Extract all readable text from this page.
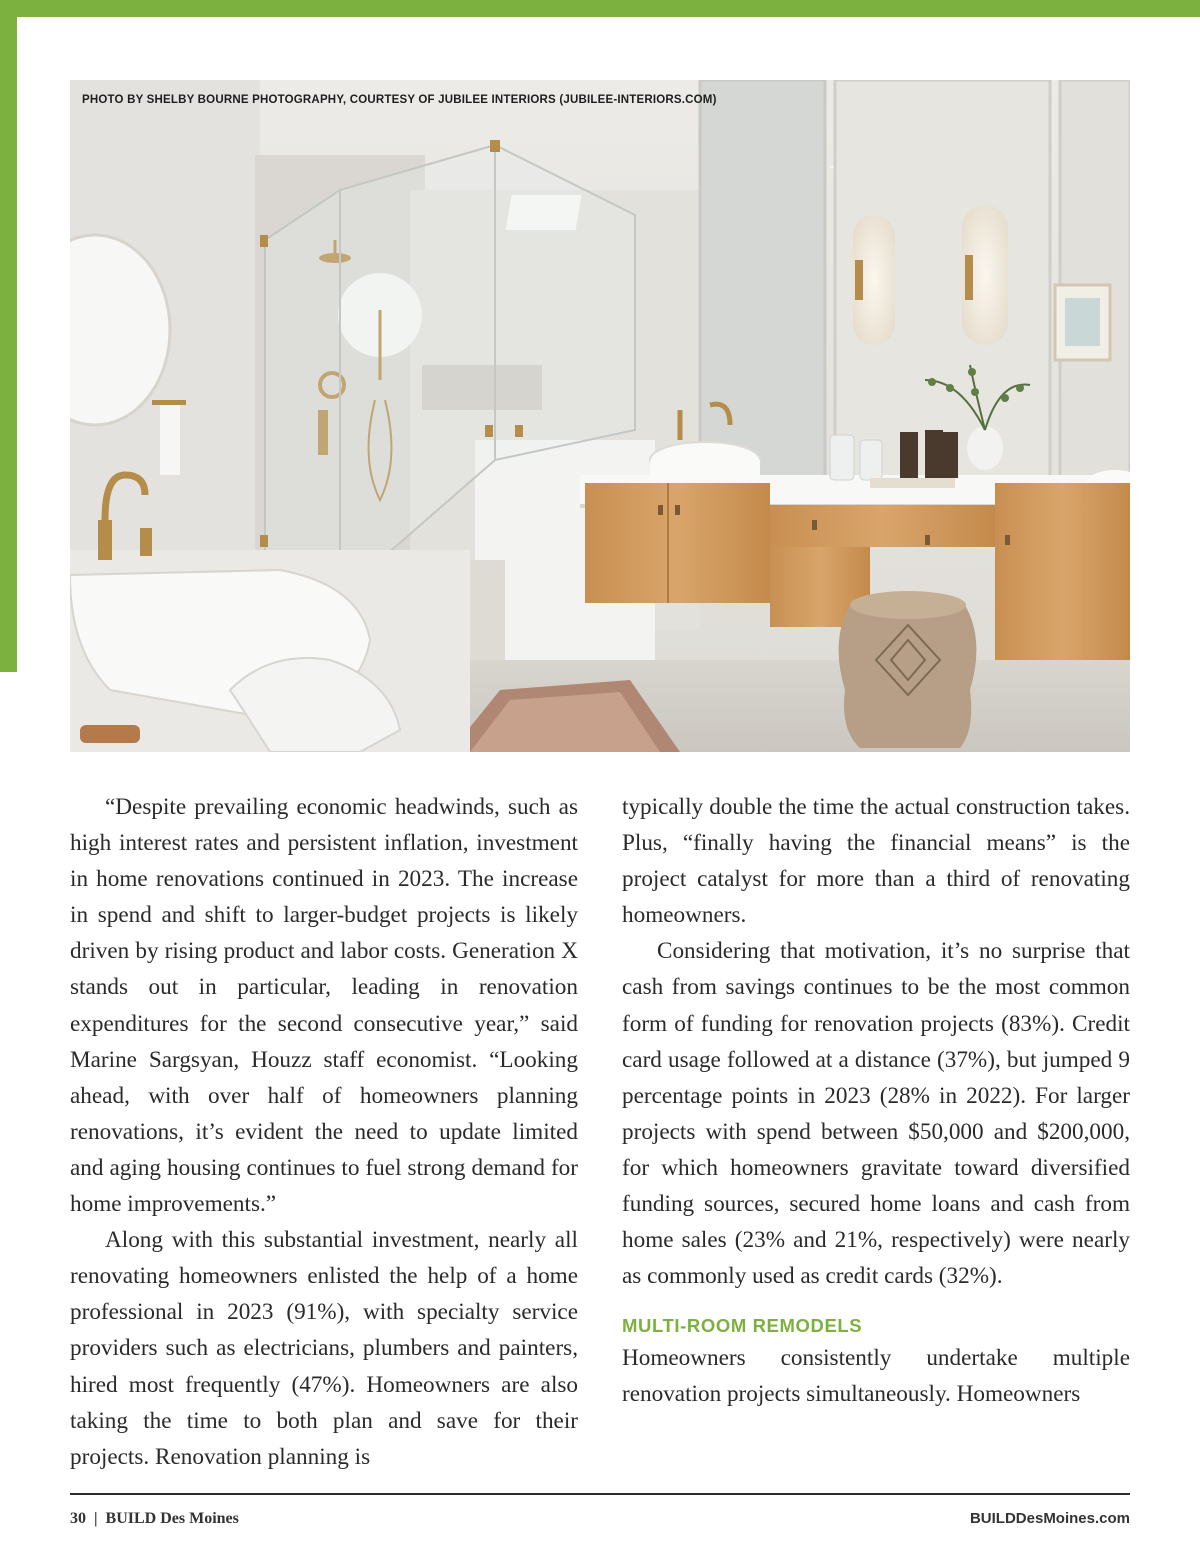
PHOTO BY SHELBY BOURNE PHOTOGRAPHY, COURTESY OF JUBILEE INTERIORS (JUBILEE-INTERIORS.COM)

“Despite prevailing economic headwinds, such as high interest rates and persistent inflation, investment in home renovations continued in 2023. The increase in spend and shift to larger-budget projects is likely driven by rising product and labor costs. Generation X stands out in particular, leading in renovation expenditures for the second consecutive year,” said Marine Sargsyan, Houzz staff economist. “Looking ahead, with over half of homeowners planning renovations, it’s evident the need to update limited and aging housing continues to fuel strong demand for home improvements.”

Along with this substantial investment, nearly all renovating homeowners enlisted the help of a home professional in 2023 (91%), with specialty service providers such as electricians, plumbers and painters, hired most frequently (47%). Homeowners are also taking the time to both plan and save for their projects. Renovation planning is

typically double the time the actual construction takes. Plus, “finally having the financial means” is the project catalyst for more than a third of renovating homeowners.

Considering that motivation, it’s no surprise that cash from savings continues to be the most common form of funding for renovation projects (83%). Credit card usage followed at a distance (37%), but jumped 9 percentage points in 2023 (28% in 2022). For larger projects with spend between $50,000 and $200,000, for which homeowners gravitate toward diversified funding sources, secured home loans and cash from home sales (23% and 21%, respectively) were nearly as commonly used as credit cards (32%).

MULTI-ROOM REMODELS

Homeowners consistently undertake multiple renovation projects simultaneously. Homeowners

30 | BUILD Des Moines	BUILDDesMoines.com
